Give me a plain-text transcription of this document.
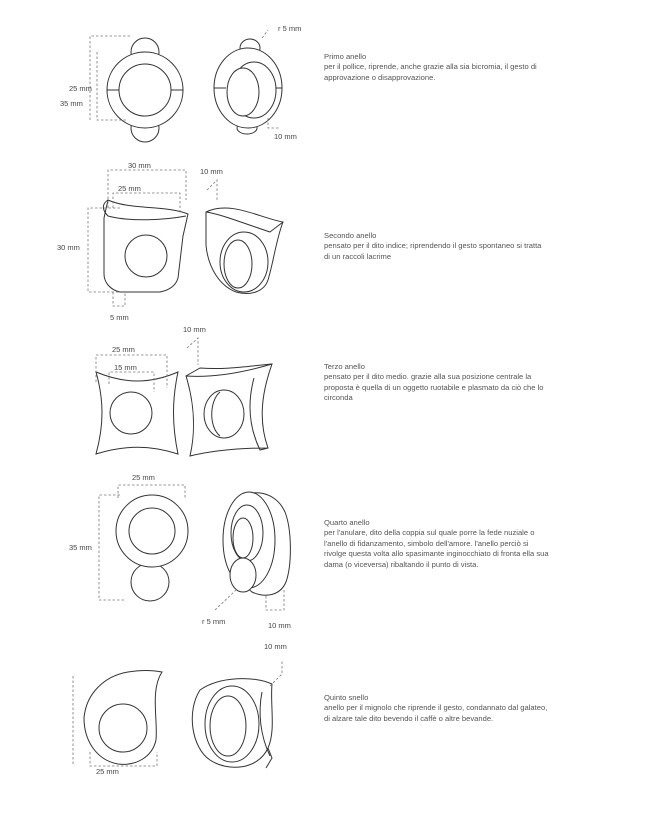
25 mm
35 mm
r 5 mm
10 mm
30 mm
25 mm
10 mm
30 mm
5 mm
10 mm
25 mm
15 mm
25 mm
35 mm
r 5 mm	10 mm
10 mm
25 mm
Primo anello
per il pollice, riprende, anche grazie alla sia bicromia, il gesto di approvazione o disapprovazione.
Secondo anello
pensato per il dito indice; riprendendo il gesto spontaneo si tratta di un raccoli lacrime
Terzo anello
pensato per il dito medio. grazie alla sua posizione centrale la proposta è quella di un oggetto ruotabile e plasmato da ciò che lo circonda
Quarto anello
per l'anulare, dito della coppia sul quale porre la fede nuziale o l'anello di fidanzamento, simbolo dell'amore. l'anello perciò si rivolge questa volta allo spasimante inginocchiato di fronta ella sua dama (o viceversa) ribaltando il punto di vista.
Quinto snello
anello per il mignolo che riprende il gesto, condannato dal galateo, di alzare tale dito bevendo il caffè o altre bevande.
